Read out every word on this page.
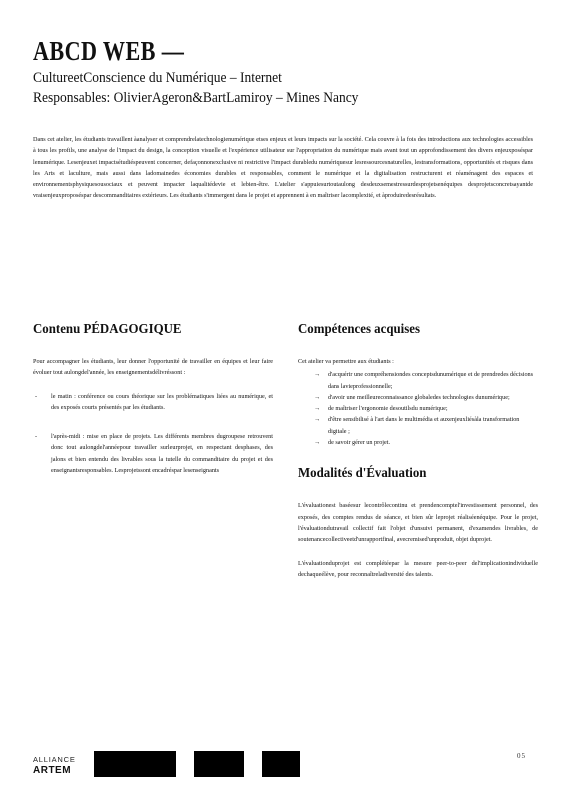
ABCD WEB —
CultureetConscience du Numérique – Internet
Responsables: OlivierAgeron&BartLamiroy – Mines Nancy

Dans cet atelier, les étudiants travaillent àanalyser et comprendrelatechnologienumérique etses enjeux et leurs impacts sur la société. Cela couvre à la fois des introductions aux technologies accessibles à tous les profils, une analyse de l'impact du design, la conception visuelle et l'expérience utilisateur sur l'appropriation du numérique mais avant tout un approfondissement des divers enjeuxposéspar lenumérique. Lesenjeuxet impactsétudiéspeuvent concerner, defaçonnonexclusive ni restrictive l'impact durabledu numériquesur lesressourcesnaturelles, lestransformations, opportunités et risques dans les Arts et laculture, mais aussi dans ladomainedes économies durables et responsables, comment le numérique et la digitalisation restructurent et réaménagent des espaces et environnementsphysiquesousociaux et peuvent impacter laqualitédevie et lebien-être. L'atelier s'appuiesurtoutaulong desdeuxsemestressurdesprojetsenéquipes desprojetsconcretsayantde vraisenjeuxproposéspar descommanditaires extérieurs. Les étudiants s'immergent dans le projet et apprennent à en maîtriser lacomplexité, et àproduiredesrésultats.

Contenu PÉDAGOGIQUE

Pour accompagner les étudiants, leur donner l'opportunité de travailler en équipes et leur faire évoluer tout aulongdel'année, les enseignementsdélivréssont :

- le matin : conférence ou cours théorique sur les problématiques liées au numérique, et des exposés courts présentés par les étudiants.
- l'après-midi : mise en place de projets. Les différents membres dugroupese retrouvent donc tout aulongdel'annéepour travailler surleurprojet, en respectant desphases, des jalons et bien entendu des livrables sous la tutelle du commanditaire du projet et des enseignantsresponsables. Lesprojetssont encadréspar lesenseignants
Compétences acquises

Cet atelier va permettre aux étudiants :

→ d'acquérir une compréhensiondes conceptsdunumérique et de prendredes décisions dans lavieprofessionnelle;
→ d'avoir une meilleureconnaissance globaledes technologies dunumérique;
→ de maîtriser l'ergonomie desoutilsdu numérique;
→ d'être sensibilisé à l'art dans le multimédia et auxenjeuxliésàla transformation digitale ;
→ de savoir gérer un projet.
Modalités d'Évaluation

L'évaluationest baséesur lecontrôlecontinu et prendencomptel'investissement personnel, des exposés, des comptes rendus de séance, et bien sûr leprojet réaliséenéquipe. Pour le projet, l'évaluationdutravail collectif fait l'objet d'unsuivi permanent, d'examendes livrables, de soutenancecollectiveetd'unrapportfinal, avecremised'unproduit, objet duprojet.

L'évaluationduprojet est complétéepar la mesure peer-to-peer del'implicationindividuelle dechaqueélève, pour reconnaîtreladiversité des talents.

ALLIANCE
ARTEM
05
